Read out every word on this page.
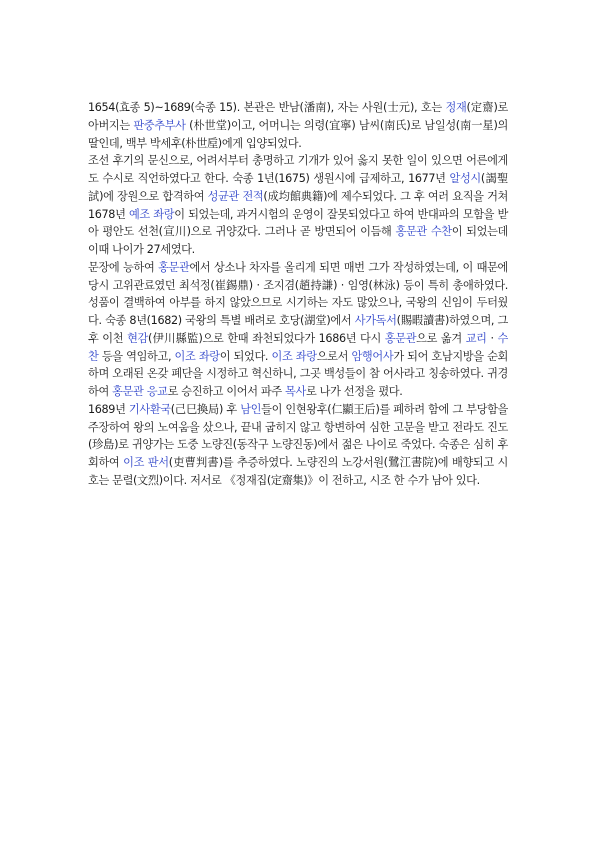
1654(효종 5)~1689(숙종 15). 본관은 반남(潘南), 자는 사원(士元), 호는 정재(定齋)로 아버지는 판중추부사 (朴世堂)이고, 어머니는 의령(宜寧) 남씨(南氏)로 남일성(南一星)의 딸인데, 백부 박세후(朴世垕)에게 입양되었다.

조선 후기의 문신으로, 어려서부터 총명하고 기개가 있어 옳지 못한 일이 있으면 어른에게도 수시로 직언하였다고 한다. 숙종 1년(1675) 생원시에 급제하고, 1677년 알성시(謁聖試)에 장원으로 합격하여 성균관 전적(成均館典籍)에 제수되었다. 그 후 여러 요직을 거쳐 1678년 예조 좌랑이 되었는데, 과거시험의 운영이 잘못되었다고 하여 반대파의 모함을 받아 평안도 선천(宣川)으로 귀양갔다. 그러나 곧 방면되어 이듬해 홍문관 수찬이 되었는데 이때 나이가 27세였다.

문장에 능하여 홍문관에서 상소나 차자를 올리게 되면 매번 그가 작성하였는데, 이 때문에 당시 고위관료였던 최석정(崔錫鼎) · 조지겸(趙持謙) · 임영(林泳) 등이 특히 총애하였다. 성품이 결백하여 아부를 하지 않았으므로 시기하는 자도 많았으나, 국왕의 신임이 두터웠다. 숙종 8년(1682) 국왕의 특별 배려로 호당(湖堂)에서 사가독서(賜暇讀書)하였으며, 그 후 이천 현감(伊川縣監)으로 한때 좌천되었다가 1686년 다시 홍문관으로 옮겨 교리 · 수찬 등을 역임하고, 이조 좌랑이 되었다. 이조 좌랑으로서 암행어사가 되어 호남지방을 순회하며 오래된 온갖 폐단을 시정하고 혁신하니, 그곳 백성들이 참 어사라고 칭송하였다. 귀경하여 홍문관 응교로 승진하고 이어서 파주 목사로 나가 선정을 폈다.

1689년 기사환국(己巳換局) 후 남인들이 인현왕후(仁顯王后)를 폐하려 함에 그 부당함을 주장하여 왕의 노여움을 샀으나, 끝내 굽히지 않고 항변하여 심한 고문을 받고 전라도 진도(珍島)로 귀양가는 도중 노량진(동작구 노량진동)에서 젊은 나이로 죽었다. 숙종은 심히 후회하여 이조 판서(吏曹判書)를 추증하였다. 노량진의 노강서원(鷺江書院)에 배향되고 시호는 문렬(文烈)이다. 저서로 《정재집(定齋集)》이 전하고, 시조 한 수가 남아 있다.
